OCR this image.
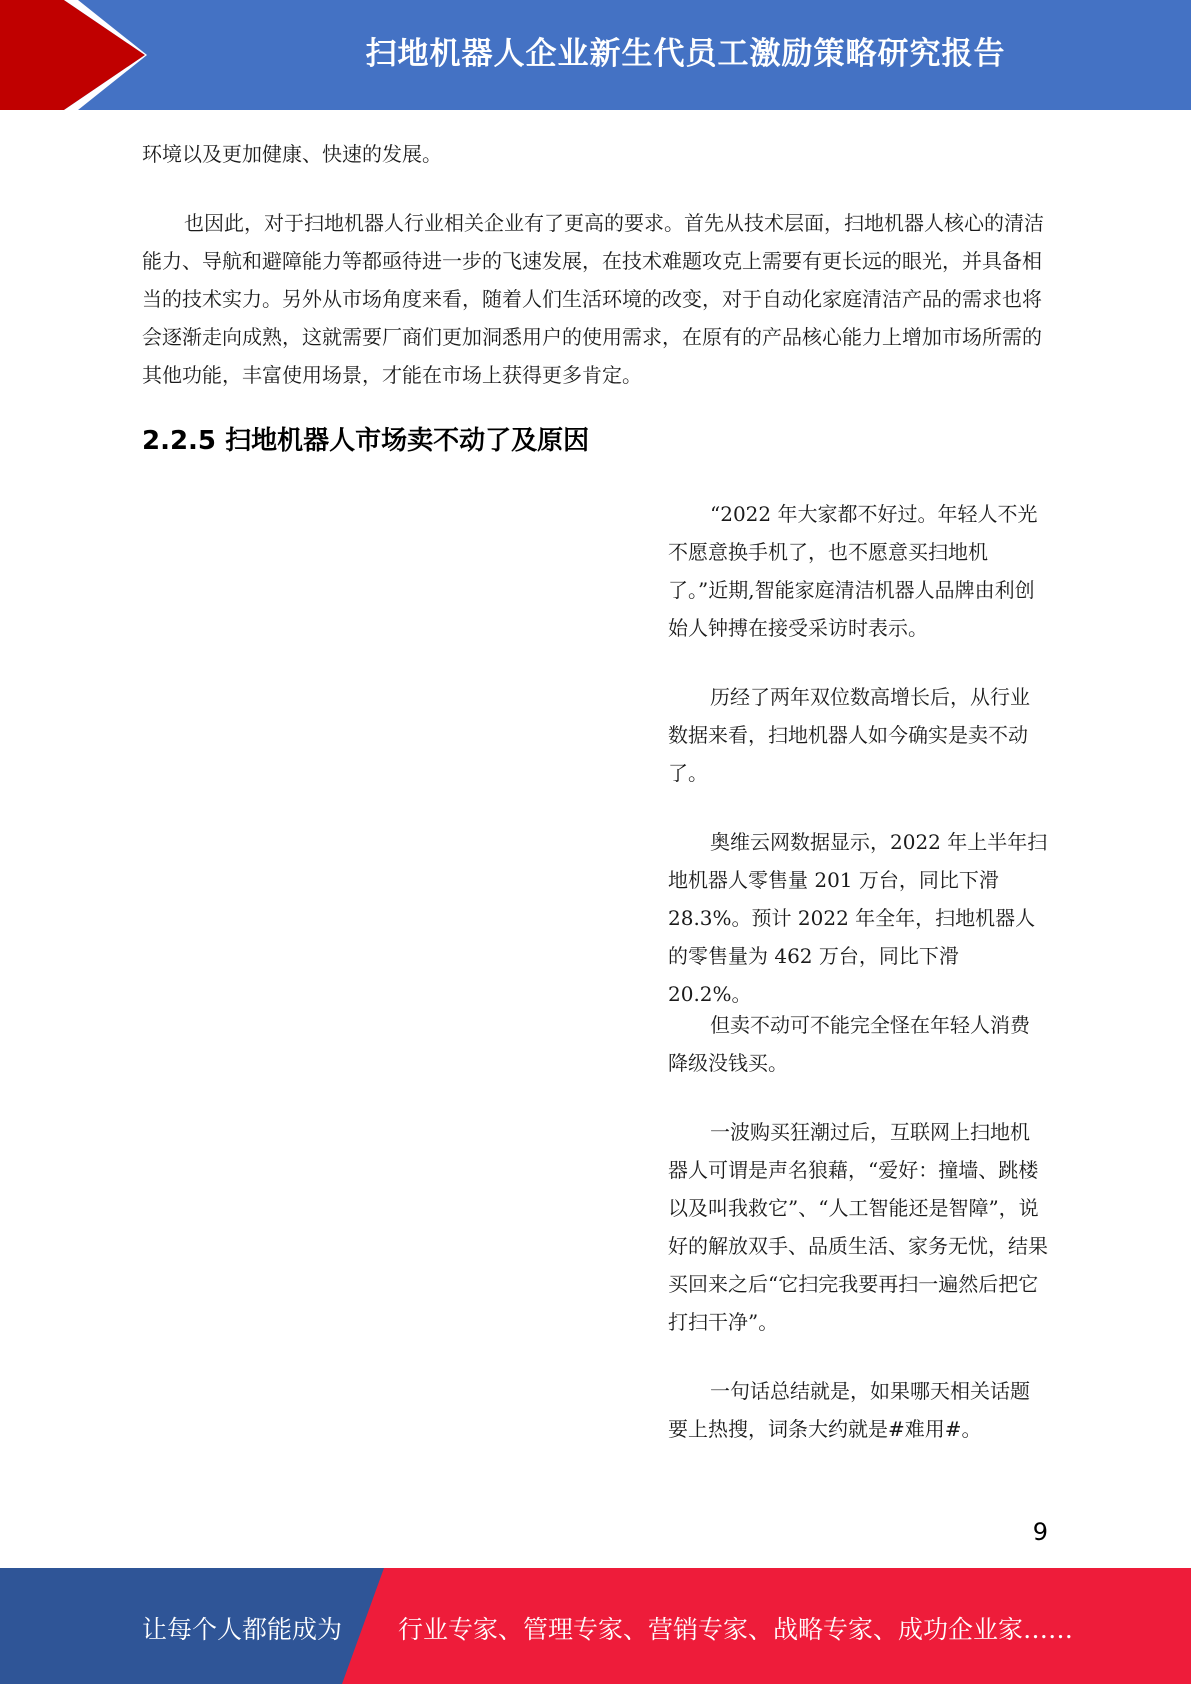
扫地机器人企业新生代员工激励策略研究报告

环境以及更加健康、快速的发展。

也因此，对于扫地机器人行业相关企业有了更高的要求。首先从技术层面，扫地机器人核心的清洁能力、导航和避障能力等都亟待进一步的飞速发展，在技术难题攻克上需要有更长远的眼光，并具备相当的技术实力。另外从市场角度来看，随着人们生活环境的改变，对于自动化家庭清洁产品的需求也将会逐渐走向成熟，这就需要厂商们更加洞悉用户的使用需求，在原有的产品核心能力上增加市场所需的其他功能，丰富使用场景，才能在市场上获得更多肯定。

2.2.5 扫地机器人市场卖不动了及原因

“2022 年大家都不好过。年轻人不光不愿意换手机了，也不愿意买扫地机了。”近期,智能家庭清洁机器人品牌由利创始人钟搏在接受采访时表示。

历经了两年双位数高增长后，从行业数据来看，扫地机器人如今确实是卖不动了。

奥维云网数据显示，2022 年上半年扫地机器人零售量 201 万台，同比下滑 28.3%。预计 2022 年全年，扫地机器人的零售量为 462 万台，同比下滑 20.2%。

但卖不动可不能完全怪在年轻人消费降级没钱买。

一波购买狂潮过后，互联网上扫地机器人可谓是声名狼藉，“爱好：撞墙、跳楼以及叫我救它”、“人工智能还是智障”，说好的解放双手、品质生活、家务无忧，结果买回来之后“它扫完我要再扫一遍然后把它打扫干净”。

一句话总结就是，如果哪天相关话题要上热搜，词条大约就是#难用#。

9
让每个人都能成为 行业专家、管理专家、营销专家、战略专家、成功企业家……
